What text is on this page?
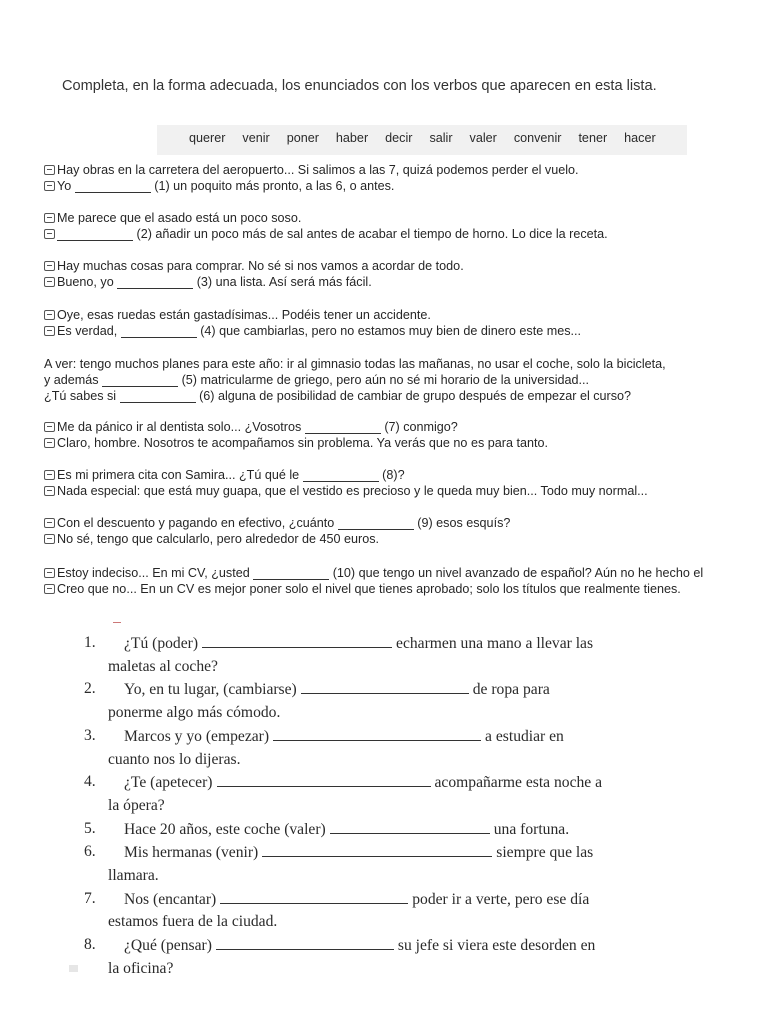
Completa, en la forma adecuada, los enunciados con los verbos que aparecen en esta lista.
querer venir poner haber decir salir valer convenir tener hacer
Hay obras en la carretera del aeropuerto... Si salimos a las 7, quizá podemos perder el vuelo.
Yo

	(1) un poquito más pronto, a las 6, o antes.
Me parece que el asado está un poco soso.

(2) añadir un poco más de sal antes de acabar el tiempo de horno. Lo dice la receta.
Hay muchas cosas para comprar. No sé si nos vamos a acordar de todo.
Bueno, yo

	(3) una lista. Así será más fácil.
Oye, esas ruedas están gastadísimas... Podéis tener un accidente.
Es verdad,

	(4) que cambiarlas, pero no estamos muy bien de dinero este mes...
A ver: tengo muchos planes para este año: ir al gimnasio todas las mañanas, no usar el coche, solo la bicicleta,
y además

	(5) matricularme de griego, pero aún no sé mi horario de la universidad...
¿Tú sabes si

	(6) alguna de posibilidad de cambiar de grupo después de empezar el curso?
Me da pánico ir al dentista solo... ¿Vosotros

	(7) conmigo?
Claro, hombre. Nosotros te acompañamos sin problema. Ya verás que no es para tanto.
Es mi primera cita con Samira... ¿Tú qué le

	(8)?
Nada especial: que está muy guapa, que el vestido es precioso y le queda muy bien... Todo muy normal...
Con el descuento y pagando en efectivo, ¿cuánto

	(9) esos esquís?
No sé, tengo que calcularlo, pero alrededor de 450 euros.
Estoy indeciso... En mi CV, ¿usted

	(10) que tengo un nivel avanzado de español? Aún no he hecho el
Creo que no... En un CV es mejor poner solo el nivel que tienes aprobado; solo los títulos que realmente tienes.
1.	¿Tú (poder)	echarmen una mano a llevar las
maletas al coche?
2.	Yo, en tu lugar, (cambiarse)	de ropa para
ponerme algo más cómodo.
3.	Marcos y yo (empezar)	a estudiar en
cuanto nos lo dijeras.
4.	¿Te (apetecer)	acompañarme esta noche a
la ópera?
5.	Hace 20 años, este coche (valer)	una fortuna.
6.	Mis hermanas (venir)	siempre que las
llamara.
7.	Nos (encantar)	poder ir a verte, pero ese día
estamos fuera de la ciudad.
8.	¿Qué (pensar)	su jefe si viera este desorden en
la oficina?
